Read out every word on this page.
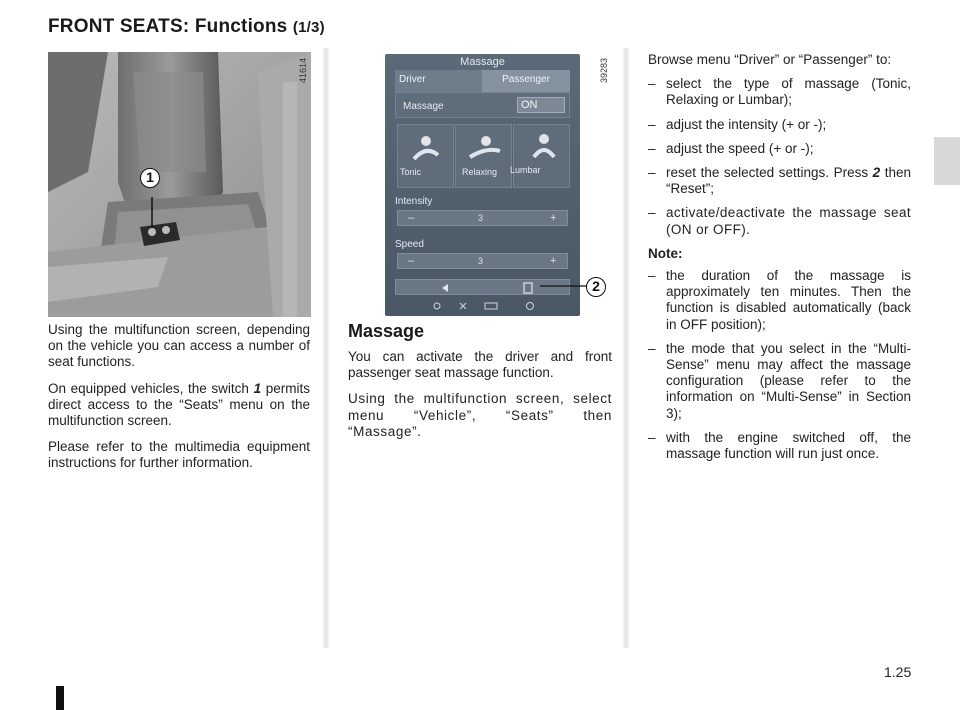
FRONT SEATS: Functions (1/3)
1
41614

Using the multifunction screen, depending on the vehicle you can access a number of seat functions.

On equipped vehicles, the switch 1 permits direct access to the “Seats” menu on the multifunction screen.

Please refer to the multimedia equipment instructions for further information.

Massage
Driver	Passenger
Massage	ON
Tonic	Relaxing	Lumbar
Intensity
–	3	+
Speed
–	3	+
39283
2
Massage

You can activate the driver and front passenger seat massage function.

Using the multifunction screen, select menu “Vehicle”, “Seats” then “Massage”.

Browse menu “Driver” or “Passenger” to:
– select the type of massage (Tonic, Relaxing or Lumbar);
– adjust the intensity (+ or -);
– adjust the speed (+ or -);
– reset the selected settings. Press 2 then “Reset”;
– activate/deactivate the massage seat (ON or OFF).
Note:
– the duration of the massage is approximately ten minutes. Then the function is disabled automatically (back in OFF position);
– the mode that you select in the “Multi-Sense” menu may affect the massage configuration (please refer to the information on “Multi-Sense” in Section 3);
– with the engine switched off, the massage function will run just once.
1.25
